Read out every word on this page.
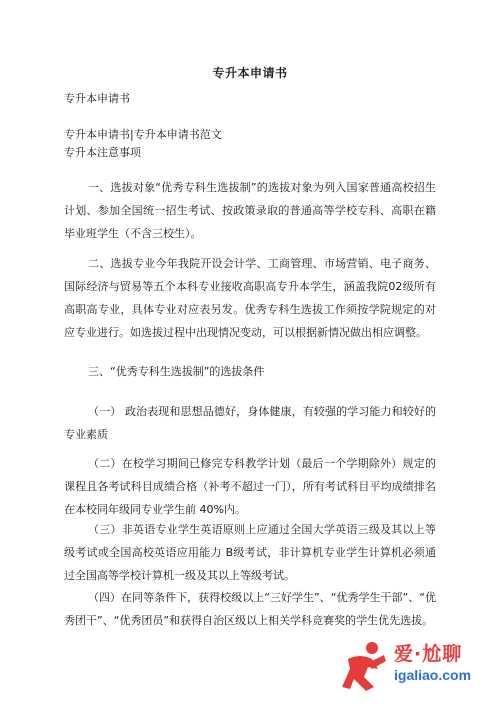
专升本申请书
专升本申请书
专升本申请书|专升本申请书范文
专升本注意事项
一、选拔对象“优秀专科生选拔制”的选拔对象为列入国家普通高校招生计划、参加全国统一招生考试、按政策录取的普通高等学校专科、高职在籍毕业班学生（不含三校生）。
二、选拔专业今年我院开设会计学、工商管理、市场营销、电子商务、国际经济与贸易等五个本科专业接收高职高专升本学生，涵盖我院02级所有高职高专业，具体专业对应表另发。优秀专科生选拔工作须按学院规定的对应专业进行。如选拔过程中出现情况变动，可以根据新情况做出相应调整。
三、“优秀专科生选拔制”的选拔条件
（一） 政治表现和思想品德好，身体健康，有较强的学习能力和较好的专业素质
（二）在校学习期间已修完专科教学计划（最后一个学期除外）规定的课程且各考试科目成绩合格（补考不超过一门），所有考试科目平均成绩排名在本校同年级同专业学生前 40%内。
（三）非英语专业学生英语原则上应通过全国大学英语三级及其以上等级考试或全国高校英语应用能力 B级考试，非计算机专业学生计算机必须通过全国高等学校计算机一级及其以上等级考试。
（四）在同等条件下，获得校级以上“三好学生”、“优秀学生干部”、“优秀团干”、“优秀团员”和获得自治区级以上相关学科竞赛奖的学生优先选拔。
爱·尬聊
igaliao.com
